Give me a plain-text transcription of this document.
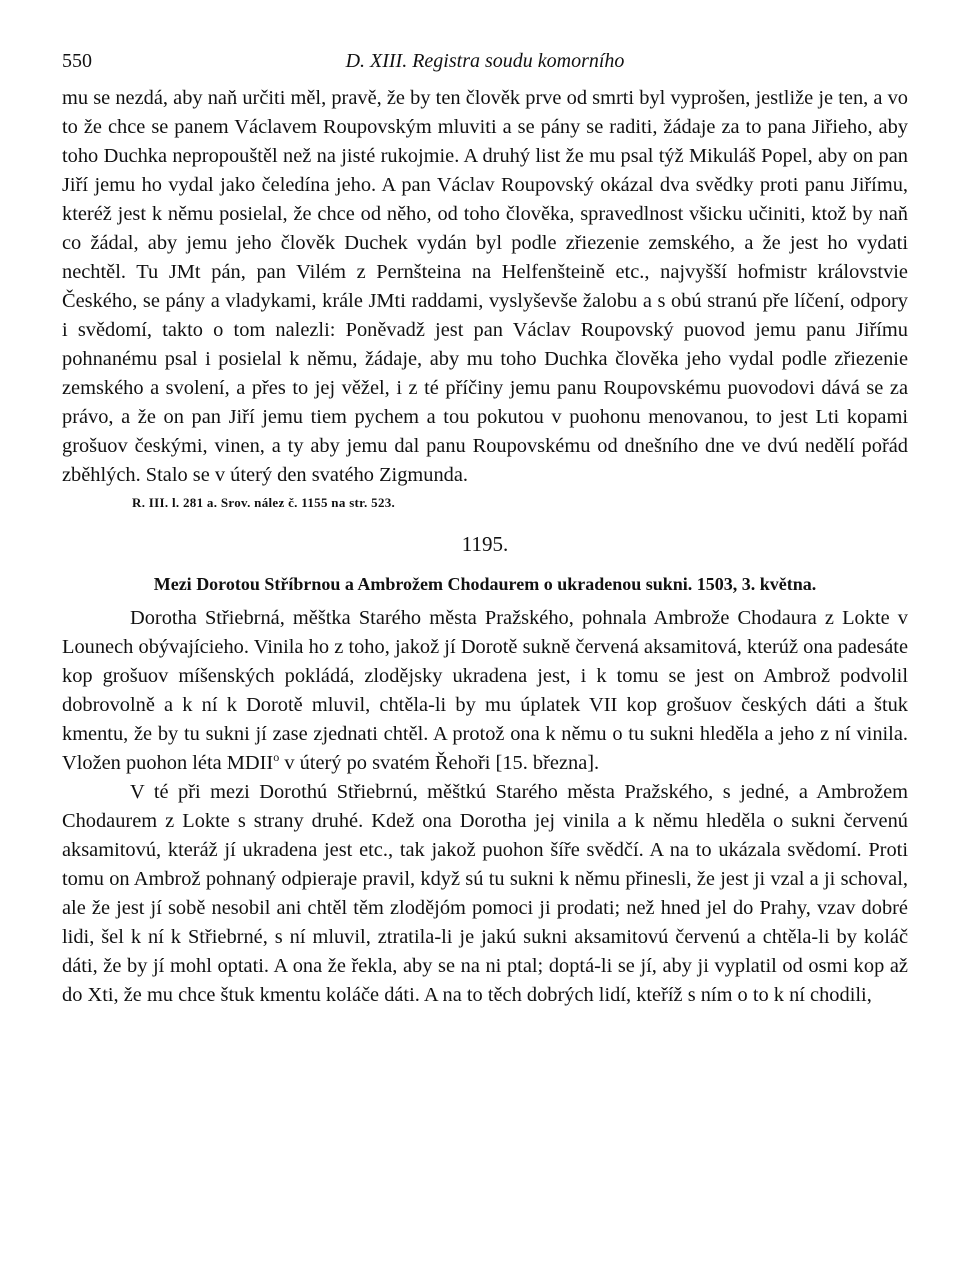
550	D. XIII. Registra soudu komorního

mu se nezdá, aby naň určiti měl, pravě, že by ten člověk prve od smrti byl vyprošen, jestliže je ten, a vo to že chce se panem Václavem Roupovským mluviti a se pány se raditi, žádaje za to pana Jiřieho, aby toho Duchka nepropouštěl než na jisté rukojmie. A druhý list že mu psal týž Mikuláš Popel, aby on pan Jiří jemu ho vydal jako čeledína jeho. A pan Václav Roupovský okázal dva svědky proti panu Jiřímu, kteréž jest k němu posielal, že chce od něho, od toho člověka, spravedlnost všicku učiniti, ktož by naň co žádal, aby jemu jeho člověk Duchek vydán byl podle zřiezenie zemského, a že jest ho vydati nechtěl. Tu JMt pán, pan Vilém z Pernšteina na Helfenšteině etc., najvyšší hofmistr královstvie Českého, se pány a vladykami, krále JMti raddami, vyslyševše žalobu a s obú stranú pře líčení, odpory i svědomí, takto o tom nalezli: Poněvadž jest pan Václav Roupovský puovod jemu panu Jiřímu pohnanému psal i posielal k němu, žádaje, aby mu toho Duchka člověka jeho vydal podle zřiezenie zemského a svolení, a přes to jej věžel, i z té příčiny jemu panu Roupovskému puovodovi dává se za právo, a že on pan Jiří jemu tiem pychem a tou pokutou v puohonu menovanou, to jest Lti kopami grošuov českými, vinen, a ty aby jemu dal panu Roupovskému od dnešního dne ve dvú nedělí pořád zběhlých. Stalo se v úterý den svatého Zigmunda.

R. III. l. 281 a. Srov. nález č. 1155 na str. 523.
1195.
Mezi Dorotou Stříbrnou a Ambrožem Chodaurem o ukradenou sukni. 1503, 3. května.

Dorotha Střiebrná, měštka Starého města Pražského, pohnala Ambrože Chodaura z Lokte v Lounech obývajícieho. Vinila ho z toho, jakož jí Dorotě sukně červená aksamitová, kterúž ona padesáte kop grošuov míšenských pokládá, zlodějsky ukradena jest, i k tomu se jest on Ambrož podvolil dobrovolně a k ní k Dorotě mluvil, chtěla-li by mu úplatek VII kop grošuov českých dáti a štuk kmentu, že by tu sukni jí zase zjednati chtěl. A protož ona k němu o tu sukni hleděla a jeho z ní vinila. Vložen puohon léta MDII$^o$ v úterý po svatém Řehoři [15. března].

V té při mezi Dorothú Střiebrnú, měštkú Starého města Pražského, s jedné, a Ambrožem Chodaurem z Lokte s strany druhé. Kdež ona Dorotha jej vinila a k němu hleděla o sukni červenú aksamitovú, kteráž jí ukradena jest etc., tak jakož puohon šíře svědčí. A na to ukázala svědomí. Proti tomu on Ambrož pohnaný odpieraje pravil, když sú tu sukni k němu přinesli, že jest ji vzal a ji schoval, ale že jest jí sobě nesobil ani chtěl těm zlodějóm pomoci ji prodati; než hned jel do Prahy, vzav dobré lidi, šel k ní k Střiebrné, s ní mluvil, ztratila-li je jakú sukni aksamitovú červenú a chtěla-li by koláč dáti, že by jí mohl optati. A ona že řekla, aby se na ni ptal; doptá-li se jí, aby ji vyplatil od osmi kop až do Xti, že mu chce štuk kmentu koláče dáti. A na to těch dobrých lidí, kteříž s ním o to k ní chodili,
